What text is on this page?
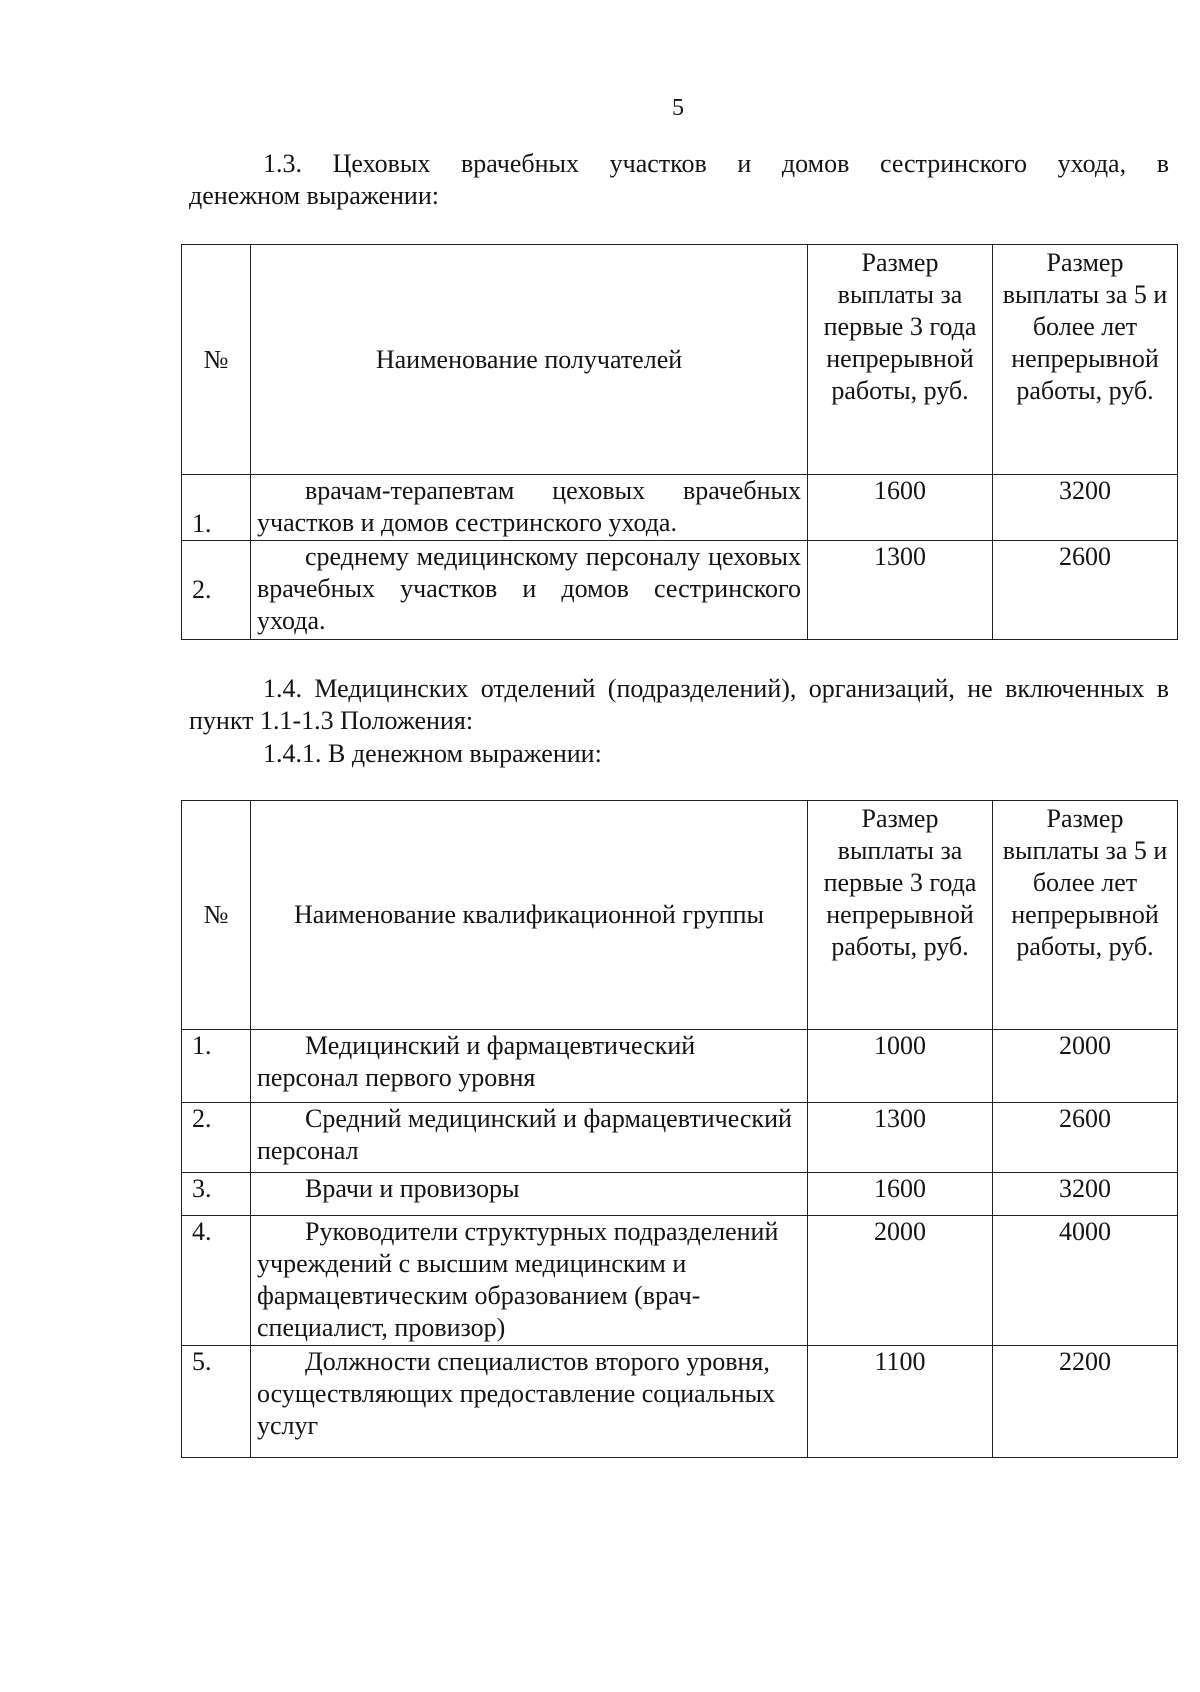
5
1.3. Цеховых врачебных участков и домов сестринского ухода, в
денежном выражении:
№	Наименование получателей	Размер выплаты за первые 3 года непрерывной работы, руб.	Размер выплаты за 5 и более лет непрерывной работы, руб.
1.	врачам-терапевтам цеховых врачебных участков и домов сестринского ухода.	1600	3200
2.	среднему медицинскому персоналу цеховых врачебных участков и домов сестринского ухода.	1300	2600
1.4. Медицинских отделений (подразделений), организаций, не включенных в пункт 1.1-1.3 Положения:
1.4.1. В денежном выражении:
№	Наименование квалификационной группы	Размер выплаты за первые 3 года непрерывной работы, руб.	Размер выплаты за 5 и более лет непрерывной работы, руб.
1.	Медицинский и фармацевтический персонал первого уровня	1000	2000
2.	Средний медицинский и фармацевтический персонал	1300	2600
3.	Врачи и провизоры	1600	3200
4.	Руководители структурных подразделений учреждений с высшим медицинским и фармацевтическим образованием (врач-специалист, провизор)	2000	4000
5.	Должности специалистов второго уровня, осуществляющих предоставление социальных услуг	1100	2200
